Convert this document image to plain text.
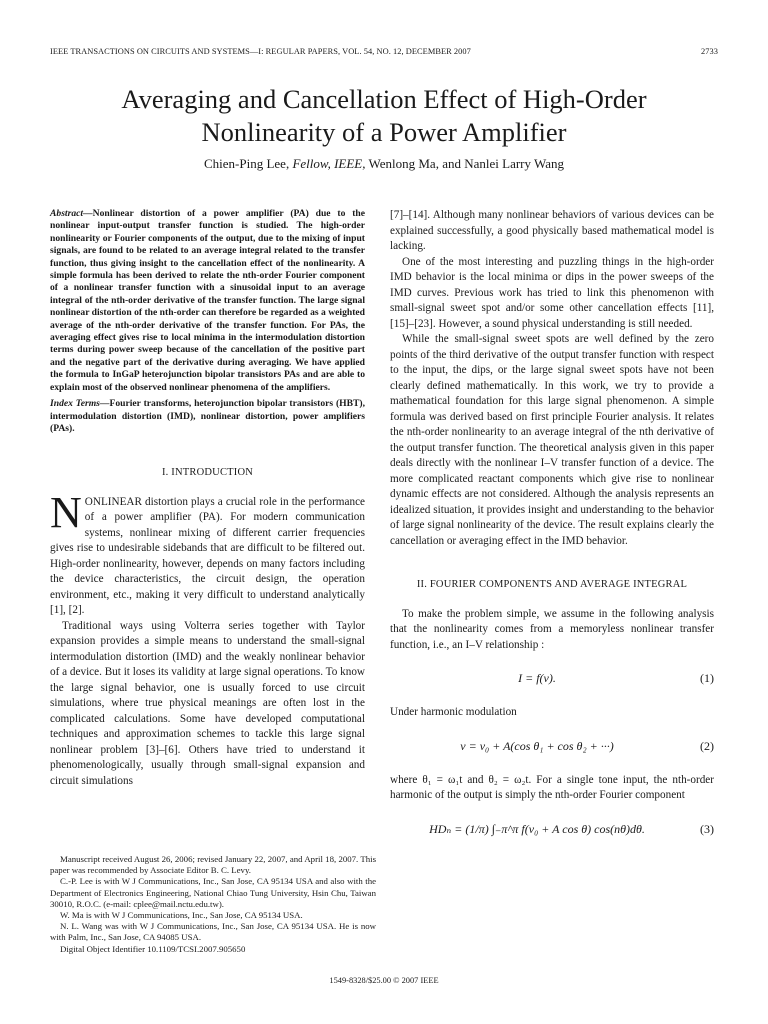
IEEE TRANSACTIONS ON CIRCUITS AND SYSTEMS—I: REGULAR PAPERS, VOL. 54, NO. 12, DECEMBER 2007	2733
Averaging and Cancellation Effect of High-Order
Nonlinearity of a Power Amplifier
Chien-Ping Lee, Fellow, IEEE, Wenlong Ma, and Nanlei Larry Wang

Abstract—Nonlinear distortion of a power amplifier (PA) due to the nonlinear input-output transfer function is studied. The high-order nonlinearity or Fourier components of the output, due to the mixing of input signals, are found to be related to an average integral related to the transfer function, thus giving insight to the cancellation effect of the nonlinearity. A simple formula has been derived to relate the nth-order Fourier component of a nonlinear transfer function with a sinusoidal input to an average integral of the nth-order derivative of the transfer function. The large signal nonlinear distortion of the nth-order can therefore be regarded as a weighted average of the nth-order derivative of the transfer function. For PAs, the averaging effect gives rise to local minima in the intermodulation distortion terms during power sweep because of the cancellation of the positive part and the negative part of the derivative during averaging. We have applied the formula to InGaP heterojunction bipolar transistors PAs and are able to explain most of the observed nonlinear phenomena of the amplifiers.

Index Terms—Fourier transforms, heterojunction bipolar transistors (HBT), intermodulation distortion (IMD), nonlinear distortion, power amplifiers (PAs).

I. INTRODUCTION

NONLINEAR distortion plays a crucial role in the performance of a power amplifier (PA). For modern communication systems, nonlinear mixing of different carrier frequencies gives rise to undesirable sidebands that are difficult to be filtered out. High-order nonlinearity, however, depends on many factors including the device characteristics, the circuit design, the operation environment, etc., making it very difficult to understand analytically [1], [2].

Traditional ways using Volterra series together with Taylor expansion provides a simple means to understand the small-signal intermodulation distortion (IMD) and the weakly nonlinear behavior of a device. But it loses its validity at large signal operations. To know the large signal behavior, one is usually forced to use circuit simulations, where true physical meanings are often lost in the complicated calculations. Some have developed computational techniques and approximation schemes to tackle this large signal nonlinear problem [3]–[6]. Others have tried to understand it phenomenologically, usually through small-signal expansion and circuit simulations

Manuscript received August 26, 2006; revised January 22, 2007, and April 18, 2007. This paper was recommended by Associate Editor B. C. Levy.

C.-P. Lee is with W J Communications, Inc., San Jose, CA 95134 USA and also with the Department of Electronics Engineering, National Chiao Tung University, Hsin Chu, Taiwan 30010, R.O.C. (e-mail: cplee@mail.nctu.edu.tw).

W. Ma is with W J Communications, Inc., San Jose, CA 95134 USA.

N. L. Wang was with W J Communications, Inc., San Jose, CA 95134 USA. He is now with Palm, Inc., San Jose, CA 94085 USA.

Digital Object Identifier 10.1109/TCSI.2007.905650

[7]–[14]. Although many nonlinear behaviors of various devices can be explained successfully, a good physically based mathematical model is lacking.

One of the most interesting and puzzling things in the high-order IMD behavior is the local minima or dips in the power sweeps of the IMD curves. Previous work has tried to link this phenomenon with small-signal sweet spot and/or some other cancellation effects [11], [15]–[23]. However, a sound physical understanding is still needed.

While the small-signal sweet spots are well defined by the zero points of the third derivative of the output transfer function with respect to the input, the dips, or the large signal sweet spots have not been clearly defined mathematically. In this work, we try to provide a mathematical foundation for this large signal phenomenon. A simple formula was derived based on first principle Fourier analysis. It relates the nth-order nonlinearity to an average integral of the nth derivative of the output transfer function. The theoretical analysis given in this paper deals directly with the nonlinear I–V transfer function of a device. The more complicated reactant components which give rise to nonlinear dynamic effects are not considered. Although the analysis represents an idealized situation, it provides insight and understanding to the behavior of large signal nonlinearity of the device. The result explains clearly the cancellation or averaging effect in the IMD behavior.

II. FOURIER COMPONENTS AND AVERAGE INTEGRAL

To make the problem simple, we assume in the following analysis that the nonlinearity comes from a memoryless nonlinear transfer function, i.e., an I–V relationship :

I = f(v).	(1)

Under harmonic modulation

v = v₀ + A(cos θ₁ + cos θ₂ + ···)	(2)

where θ₁ = ω₁t and θ₂ = ω₂t. For a single tone input, the nth-order harmonic of the output is simply the nth-order Fourier component

HDₙ = (1/π) ∫₋π^π f(v₀ + A cos θ) cos(nθ)dθ.	(3)
1549-8328/$25.00 © 2007 IEEE
